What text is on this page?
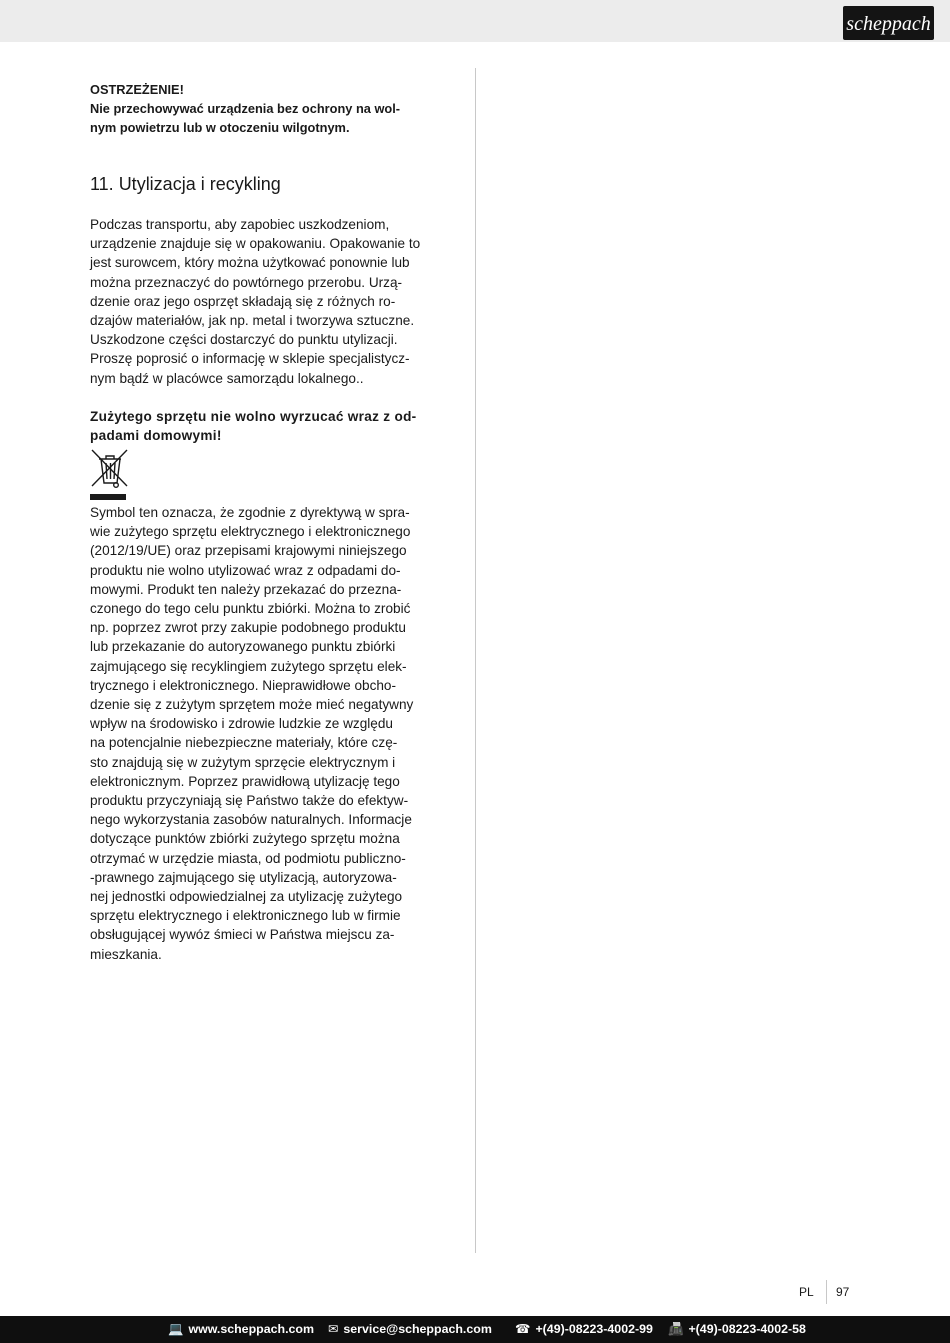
scheppach
OSTRZEŻENIE!
Nie przechowywać urządzenia bez ochrony na wol-
nym powietrzu lub w otoczeniu wilgotnym.
11. Utylizacja i recykling
Podczas transportu, aby zapobiec uszkodzeniom,
urządzenie znajduje się w opakowaniu. Opakowanie to
jest surowcem, który można użytkować ponownie lub
można przeznaczyć do powtórnego przerobu. Urzą-
dzenie oraz jego osprzęt składają się z różnych ro-
dzajów materiałów, jak np. metal i tworzywa sztuczne.
Uszkodzone części dostarczyć do punktu utylizacji.
Proszę poprosić o informację w sklepie specjalistycz-
nym bądź w placówce samorządu lokalnego..
Zużytego sprzętu nie wolno wyrzucać wraz z od-
padami domowymi!
Symbol ten oznacza, że zgodnie z dyrektywą w spra-
wie zużytego sprzętu elektrycznego i elektronicznego
(2012/19/UE) oraz przepisami krajowymi niniejszego
produktu nie wolno utylizować wraz z odpadami do-
mowymi. Produkt ten należy przekazać do przezna-
czonego do tego celu punktu zbiórki. Można to zrobić
np. poprzez zwrot przy zakupie podobnego produktu
lub przekazanie do autoryzowanego punktu zbiórki
zajmującego się recyklingiem zużytego sprzętu elek-
trycznego i elektronicznego. Nieprawidłowe obcho-
dzenie się z zużytym sprzętem może mieć negatywny
wpływ na środowisko i zdrowie ludzkie ze względu
na potencjalnie niebezpieczne materiały, które czę-
sto znajdują się w zużytym sprzęcie elektrycznym i
elektronicznym. Poprzez prawidłową utylizację tego
produktu przyczyniają się Państwo także do efektyw-
nego wykorzystania zasobów naturalnych. Informacje
dotyczące punktów zbiórki zużytego sprzętu można
otrzymać w urzędzie miasta, od podmiotu publiczno-
-prawnego zajmującego się utylizacją, autoryzowa-
nej jednostki odpowiedzialnej za utylizację zużytego
sprzętu elektrycznego i elektronicznego lub w firmie
obsługującej wywóz śmieci w Państwa miejscu za-
mieszkania.
PL 97
💻 www.scheppach.com ✉ service@scheppach.com ☎ +(49)-08223-4002-99 📠 +(49)-08223-4002-58
